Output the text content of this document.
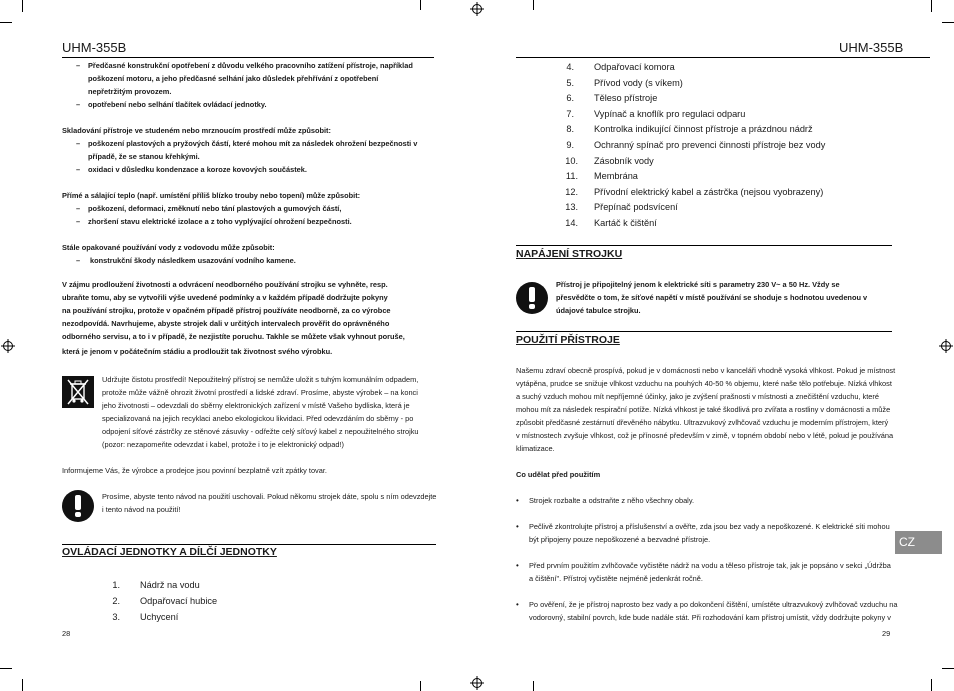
UHM-355B	UHM-355B
– Předčasné konstrukční opotřebení z důvodu velkého pracovního zatížení přístroje, například
poškození motoru, a jeho předčasné selhání jako důsledek přehřívání z opotřebení
nepřetržitým provozem.
– opotřebení nebo selhání tlačítek ovládací jednotky.
Skladování přístroje ve studeném nebo mrznoucím prostředí může způsobit:
– poškození plastových a pryžových částí, které mohou mít za následek ohrožení bezpečnosti v
případě, že se stanou křehkými.
– oxidaci v důsledku kondenzace a koroze kovových součástek.
Přímé a sálající teplo (např. umístění příliš blízko trouby nebo topení) může způsobit:
– poškození, deformaci, změknutí nebo tání plastových a gumových částí,
– zhoršení stavu elektrické izolace a z toho vyplývající ohrožení bezpečnosti.
Stále opakované používání vody z vodovodu může způsobit:
– konstrukční škody následkem usazování vodního kamene.
V zájmu prodloužení životnosti a odvrácení neodborného používání strojku se vyhněte, resp.
ubraňte tomu, aby se vytvořili výše uvedené podmínky a v každém případě dodržujte pokyny
na používání strojku, protože v opačném případě přístroj používáte neodborně, za co výrobce
nezodpovídá. Navrhujeme, abyste strojek dali v určitých intervalech prověřit do oprávněného
odborného servisu, a to i v případě, že nezjistíte poruchu. Takhle se můžete však vyhnout poruše,
která je jenom v počátečním stádiu a prodloužit tak životnost svého výrobku.
Udržujte čistotu prostředí! Nepoužitelný přístroj se nemůže uložit s tuhým komunálním odpadem,
protože může vážně ohrozit životní prostředí a lidské zdraví. Prosíme, abyste výrobek – na konci
jeho životnosti – odevzdali do sběrny elektronických zařízení v místě Vašeho bydliska, která je
specializovaná na jejich recyklaci anebo ekologickou likvidaci. Před odevzdáním do sběrny - po
odpojení síťové zástrčky ze stěnové zásuvky - odřežte celý síťový kabel z nepoužitelného strojku
(pozor: nezapomeňte odevzdat i kabel, protože i to je elektronický odpad!)
Informujeme Vás, že výrobce a prodejce jsou povinní bezplatně vzít zpátky tovar.
Prosíme, abyste tento návod na použití uschovali. Pokud někomu strojek dáte, spolu s ním odevzdejte
i tento návod na použití!
OVLÁDACÍ JEDNOTKY A DÍLČÍ JEDNOTKY
1. Nádrž na vodu
2. Odpařovací hubice
3. Uchycení
28
4. Odpařovací komora
5. Přívod vody (s víkem)
6. Těleso přístroje
7. Vypínač a knoflík pro regulaci odparu
8. Kontrolka indikující činnost přístroje a prázdnou nádrž
9. Ochranný spínač pro prevenci činnosti přístroje bez vody
10. Zásobník vody
11. Membrána
12. Přívodní elektrický kabel a zástrčka (nejsou vyobrazeny)
13. Přepínač podsvícení
14. Kartáč k čištění
NAPÁJENÍ STROJKU
Přístroj je připojitelný jenom k elektrické síti s parametry 230 V~ a 50 Hz. Vždy se
přesvědčte o tom, že síťové napětí v místě používání se shoduje s hodnotou uvedenou v
údajové tabulce strojku.
POUŽITÍ PŘÍSTROJE
Našemu zdraví obecně prospívá, pokud je v domácnosti nebo v kanceláři vhodně vysoká vlhkost. Pokud je místnost
vytápěna, prudce se snižuje vlhkost vzduchu na pouhých 40-50 % objemu, které naše tělo potřebuje. Nízká vlhkost
a suchý vzduch mohou mít nepříjemné účinky, jako je zvýšení prašnosti v místnosti a znečištění vzduchu, které
mohou mít za následek respirační potíže. Nízká vlhkost je také škodlivá pro zvířata a rostliny v domácnosti a může
způsobit předčasné zestárnutí dřevěného nábytku. Ultrazvukový zvlhčovač vzduchu je moderním přístrojem, který
v místnostech zvyšuje vlhkost, což je přínosné především v zimě, v topném období nebo v létě, pokud je používána
klimatizace.
Co udělat před použitím
• Strojek rozbalte a odstraňte z něho všechny obaly.
• Pečlivě zkontrolujte přístroj a příslušenství a ověřte, zda jsou bez vady a nepoškozené. K elektrické síti mohou
být připojeny pouze nepoškozené a bezvadné přístroje.
• Před prvním použitím zvlhčovače vyčistěte nádrž na vodu a těleso přístroje tak, jak je popsáno v sekci „Údržba
a čištění". Přístroj vyčistěte nejméně jedenkrát ročně.
• Po ověření, že je přístroj naprosto bez vady a po dokončení čištění, umístěte ultrazvukový zvlhčovač vzduchu na
vodorovný, stabilní povrch, kde bude nadále stát. Při rozhodování kam přístroj umístit, vždy dodržujte pokyny v
CZ
29
